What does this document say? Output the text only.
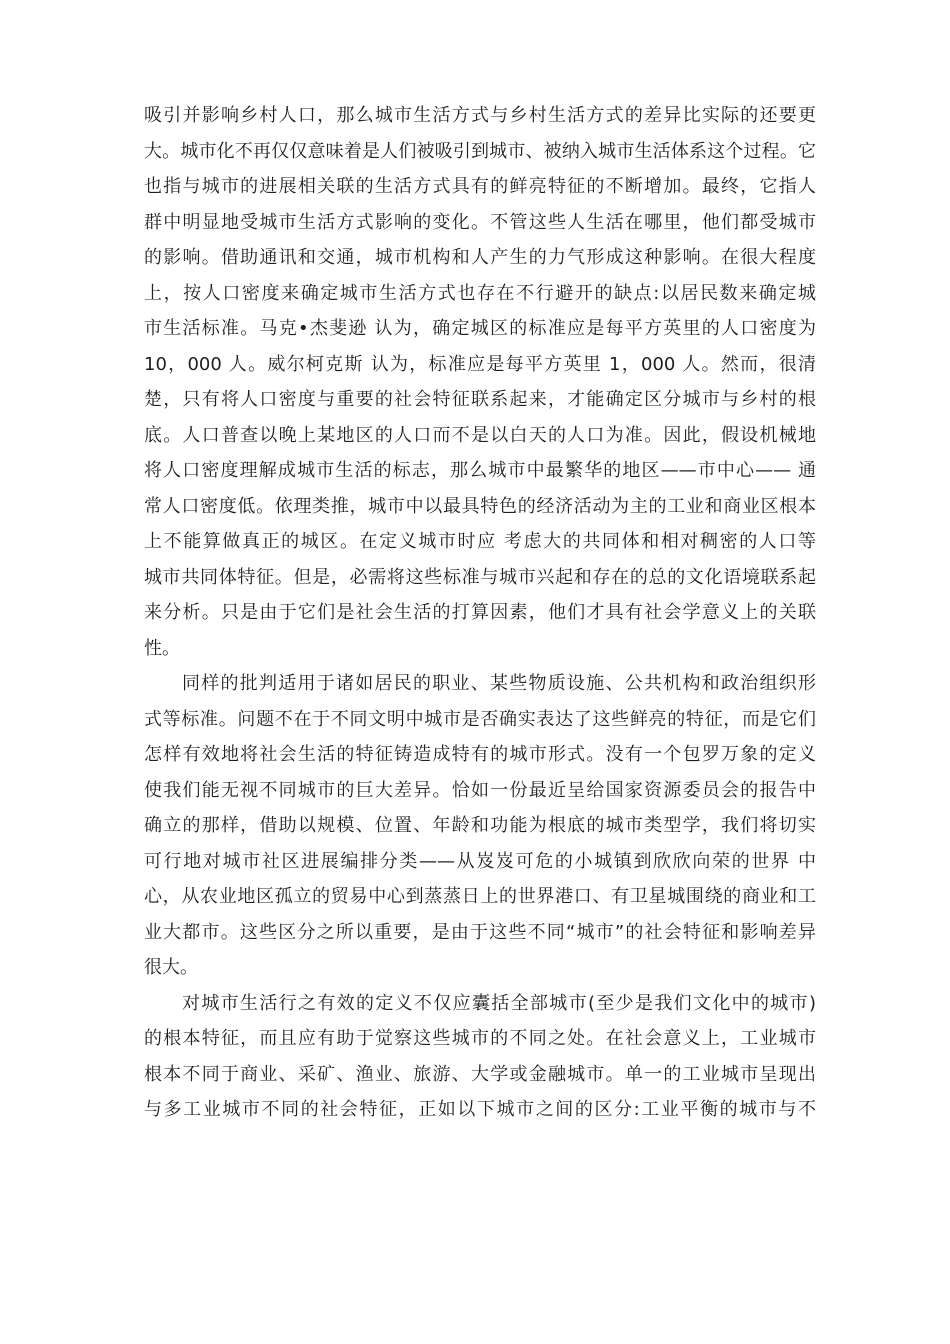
吸引并影响乡村人口，那么城市生活方式与乡村生活方式的差异比实际的还要更
大。城市化不再仅仅意味着是人们被吸引到城市、被纳入城市生活体系这个过程。它
也指与城市的进展相关联的生活方式具有的鲜亮特征的不断增加。最终，它指人
群中明显地受城市生活方式影响的变化。不管这些人生活在哪里，他们都受城市
的影响。借助通讯和交通，城市机构和人产生的力气形成这种影响。在很大程度
上，按人口密度来确定城市生活方式也存在不行避开的缺点:以居民数来确定城
市生活标准。马克•杰斐逊 认为，确定城区的标准应是每平方英里的人口密度为
10，000 人。威尔柯克斯 认为，标准应是每平方英里 1，000 人。然而，很清
楚，只有将人口密度与重要的社会特征联系起来，才能确定区分城市与乡村的根
底。人口普查以晚上某地区的人口而不是以白天的人口为准。因此，假设机械地
将人口密度理解成城市生活的标志，那么城市中最繁华的地区——市中心—— 通
常人口密度低。依理类推，城市中以最具特色的经济活动为主的工业和商业区根本
上不能算做真正的城区。在定义城市时应 考虑大的共同体和相对稠密的人口等
城市共同体特征。但是，必需将这些标准与城市兴起和存在的总的文化语境联系起
来分析。只是由于它们是社会生活的打算因素，他们才具有社会学意义上的关联
性。
同样的批判适用于诸如居民的职业、某些物质设施、公共机构和政治组织形
式等标准。问题不在于不同文明中城市是否确实表达了这些鲜亮的特征，而是它们
怎样有效地将社会生活的特征铸造成特有的城市形式。没有一个包罗万象的定义
使我们能无视不同城市的巨大差异。恰如一份最近呈给国家资源委员会的报告中
确立的那样，借助以规模、位置、年龄和功能为根底的城市类型学，我们将切实
可行地对城市社区进展编排分类——从岌岌可危的小城镇到欣欣向荣的世界 中
心，从农业地区孤立的贸易中心到蒸蒸日上的世界港口、有卫星城围绕的商业和工
业大都市。这些区分之所以重要，是由于这些不同“城市”的社会特征和影响差异
很大。
对城市生活行之有效的定义不仅应囊括全部城市(至少是我们文化中的城市)
的根本特征，而且应有助于觉察这些城市的不同之处。在社会意义上，工业城市
根本不同于商业、采矿、渔业、旅游、大学或金融城市。单一的工业城市呈现出
与多工业城市不同的社会特征，正如以下城市之间的区分:工业平衡的城市与不
